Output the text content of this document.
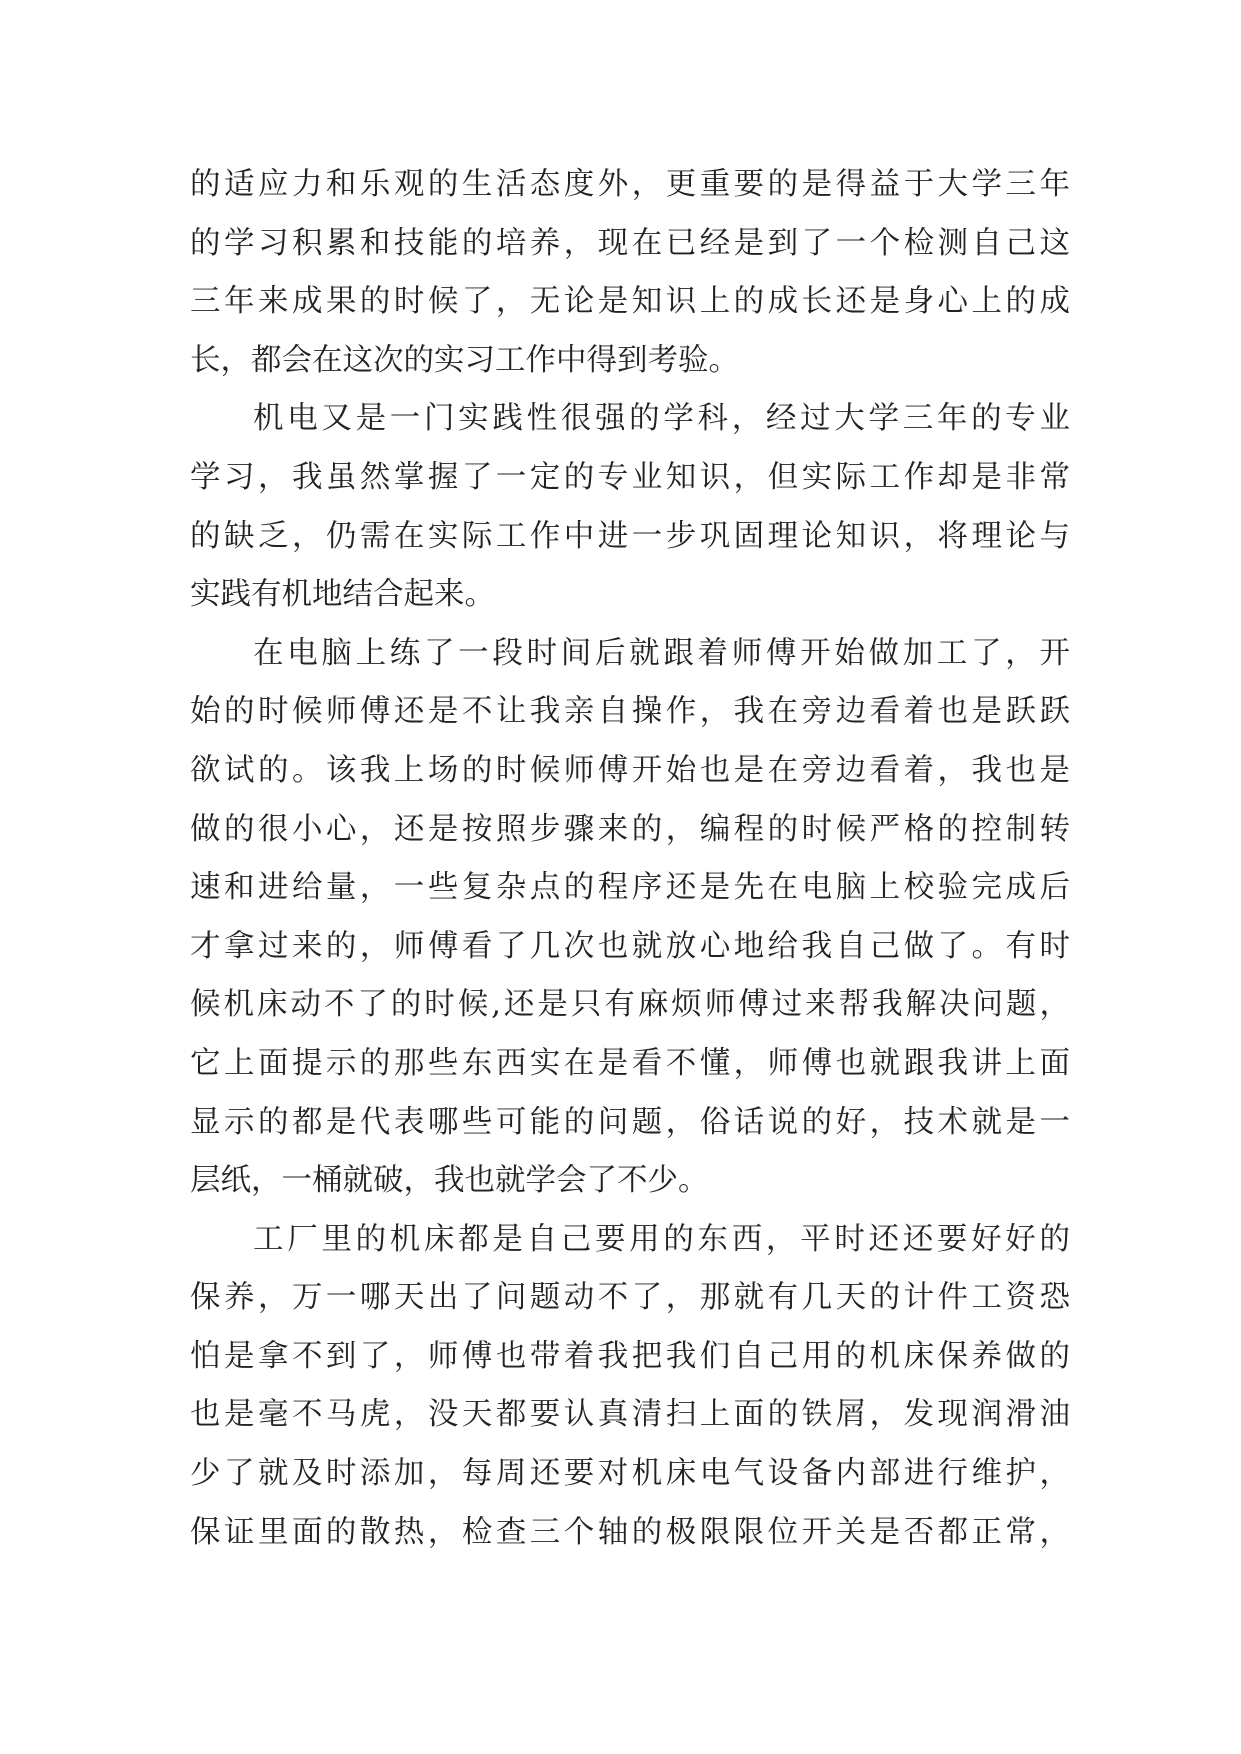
的适应力和乐观的生活态度外，更重要的是得益于大学三年
的学习积累和技能的培养，现在已经是到了一个检测自己这
三年来成果的时候了，无论是知识上的成长还是身心上的成
长，都会在这次的实习工作中得到考验。
机电又是一门实践性很强的学科，经过大学三年的专业
学习，我虽然掌握了一定的专业知识，但实际工作却是非常
的缺乏，仍需在实际工作中进一步巩固理论知识，将理论与
实践有机地结合起来。
在电脑上练了一段时间后就跟着师傅开始做加工了，开
始的时候师傅还是不让我亲自操作，我在旁边看着也是跃跃
欲试的。该我上场的时候师傅开始也是在旁边看着，我也是
做的很小心，还是按照步骤来的，编程的时候严格的控制转
速和进给量，一些复杂点的程序还是先在电脑上校验完成后
才拿过来的，师傅看了几次也就放心地给我自己做了。有时
候机床动不了的时候,还是只有麻烦师傅过来帮我解决问题，
它上面提示的那些东西实在是看不懂，师傅也就跟我讲上面
显示的都是代表哪些可能的问题，俗话说的好，技术就是一
层纸，一桶就破，我也就学会了不少。
工厂里的机床都是自己要用的东西，平时还还要好好的
保养，万一哪天出了问题动不了，那就有几天的计件工资恐
怕是拿不到了，师傅也带着我把我们自己用的机床保养做的
也是毫不马虎，没天都要认真清扫上面的铁屑，发现润滑油
少了就及时添加，每周还要对机床电气设备内部进行维护，
保证里面的散热，检查三个轴的极限限位开关是否都正常，
